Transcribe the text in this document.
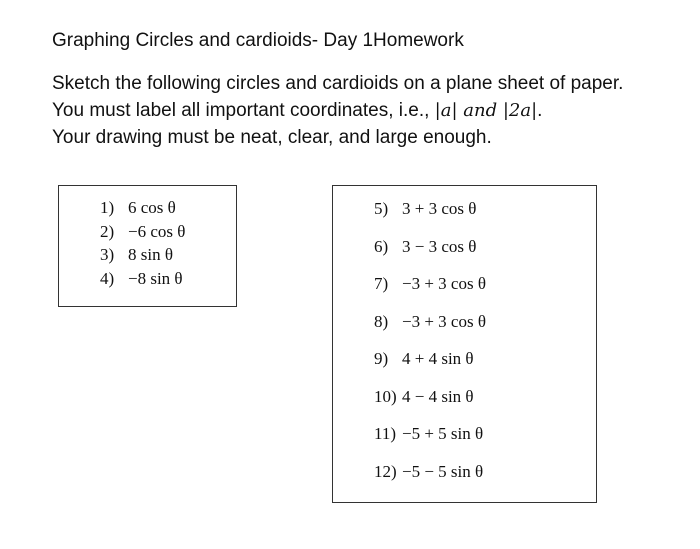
Graphing Circles and cardioids- Day 1Homework
Sketch the following circles and cardioids on a plane sheet of paper.
You must label all important coordinates, i.e., |a| and |2a|.
Your drawing must be neat, clear, and large enough.
1) 6 cos θ
2) −6 cos θ
3) 8 sin θ
4) −8 sin θ
5) 3 + 3 cos θ
6) 3 − 3 cos θ
7) −3 + 3 cos θ
8) −3 + 3 cos θ
9) 4 + 4 sin θ
10) 4 − 4 sin θ
11) −5 + 5 sin θ
12) −5 − 5 sin θ
